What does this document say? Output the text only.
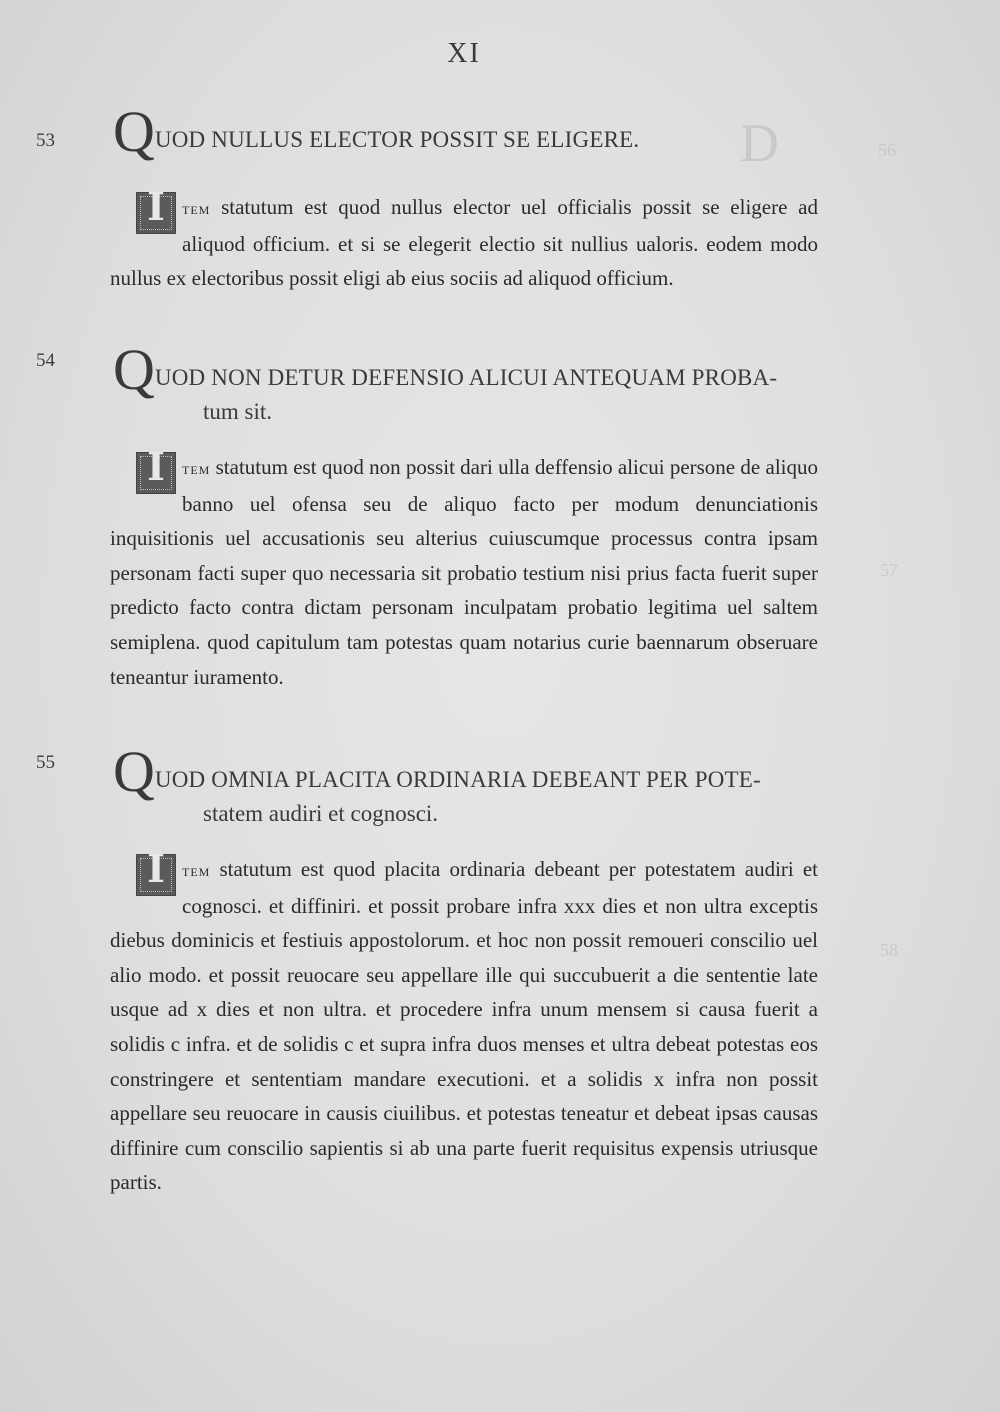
D	56
57
58
XI
53 QUOD NULLUS ELECTOR POSSIT SE ELIGERE.
I	tem statutum est quod nullus elector uel officialis possit se eligere ad aliquod officium. et si se elegerit electio sit nullius ualoris. eodem modo nullus ex electoribus possit eligi ab eius sociis ad aliquod officium.
54 QUOD NON DETUR DEFENSIO ALICUI ANTEQUAM PROBA-
tum sit.
I	tem statutum est quod non possit dari ulla deffensio alicui persone de aliquo banno uel ofensa seu de aliquo facto per modum denunciationis inquisitionis uel accusationis seu alterius cuiuscumque processus contra ipsam personam facti super quo necessaria sit probatio testium nisi prius facta fuerit super predicto facto contra dictam personam inculpatam probatio legitima uel saltem semiplena. quod capitulum tam potestas quam notarius curie baennarum obseruare teneantur iuramento.
55 QUOD OMNIA PLACITA ORDINARIA DEBEANT PER POTE-
statem audiri et cognosci.
I	tem statutum est quod placita ordinaria debeant per potestatem audiri et cognosci. et diffiniri. et possit probare infra xxx dies et non ultra exceptis diebus dominicis et festiuis appostolorum. et hoc non possit remoueri conscilio uel alio modo. et possit reuocare seu appellare ille qui succubuerit a die sententie late usque ad x dies et non ultra. et procedere infra unum mensem si causa fuerit a solidis c infra. et de solidis c et supra infra duos menses et ultra debeat potestas eos constringere et sententiam mandare executioni. et a solidis x infra non possit appellare seu reuocare in causis ciuilibus. et potestas teneatur et debeat ipsas causas diffinire cum conscilio sapientis si ab una parte fuerit requisitus expensis utriusque partis.
